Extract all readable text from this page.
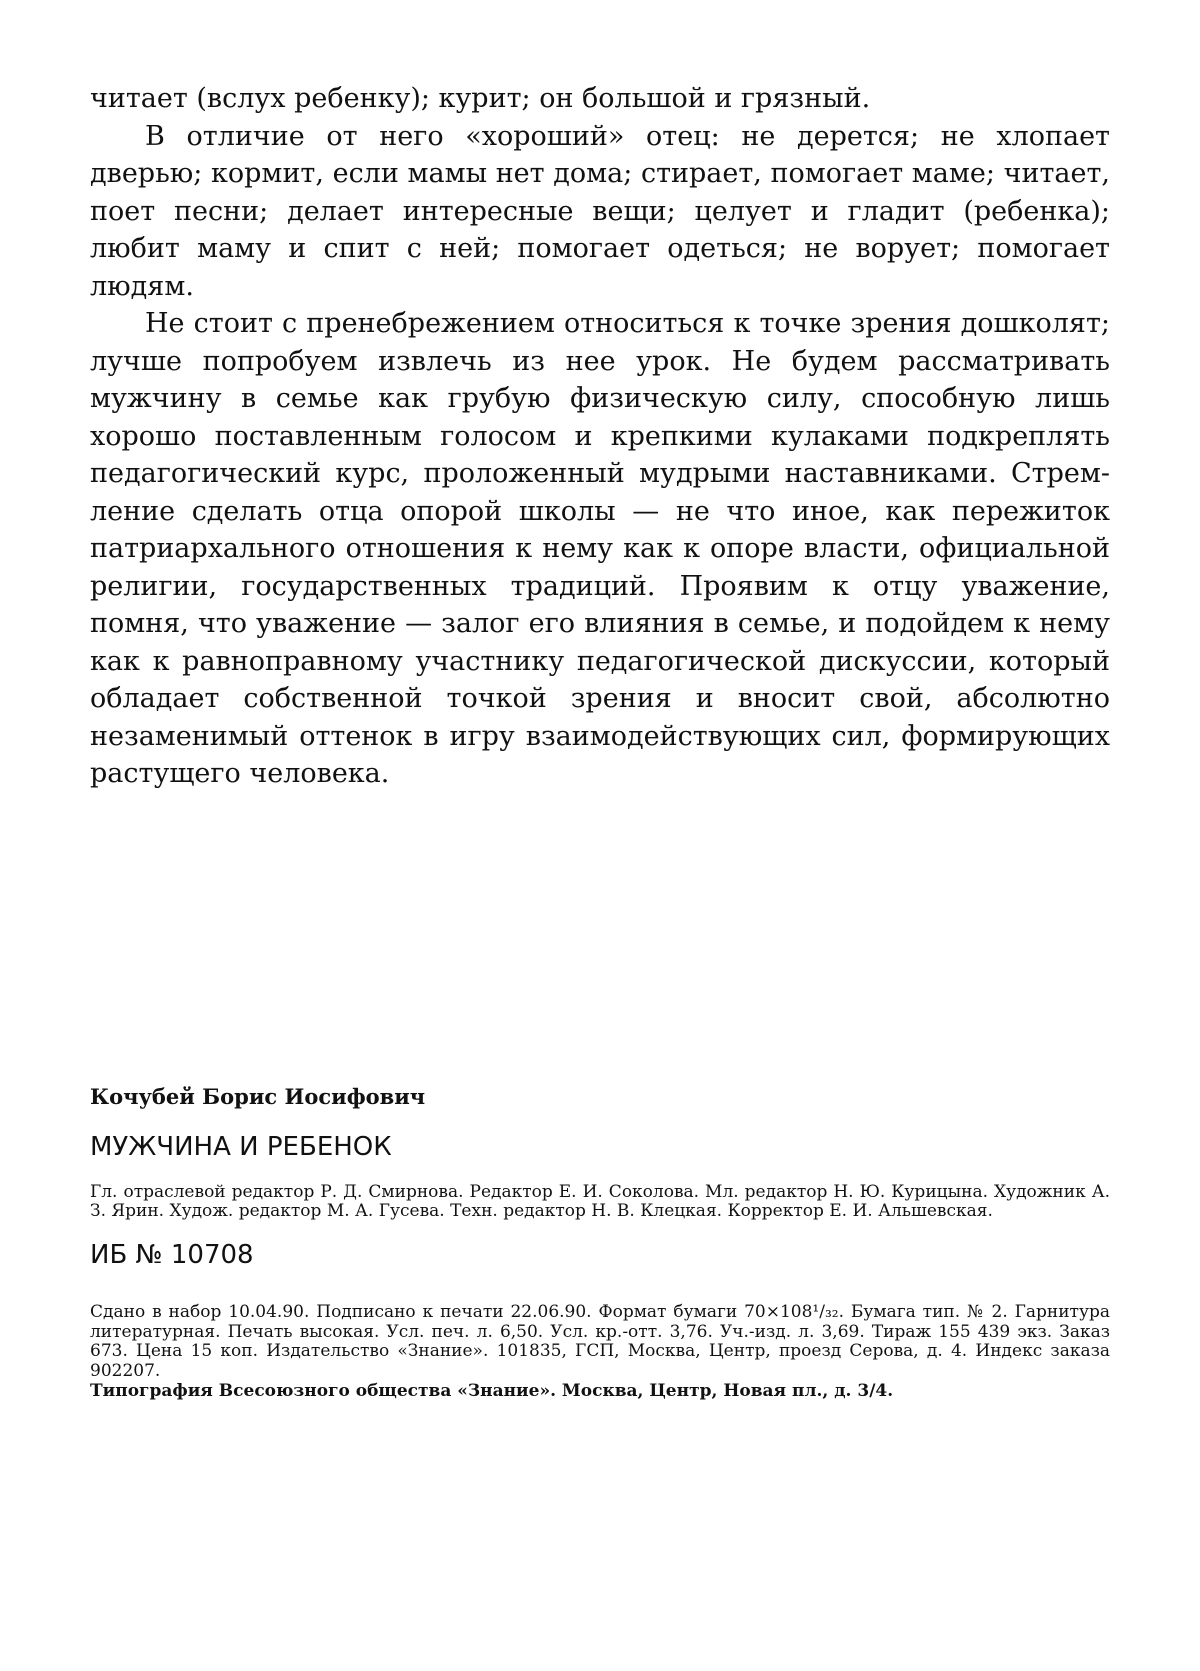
читает (вслух ребенку); курит; он большой и грязный.

В отличие от него «хороший» отец: не дерется; не хлопает дверью; кормит, если мамы нет дома; стирает, помогает маме; читает, поет песни; делает интересные вещи; целует и гладит (ребенка); любит маму и спит с ней; помогает одеться; не ворует; помогает людям.

Не стоит с пренебрежением относиться к точке зрения дошколят; лучше попробуем извлечь из нее урок. Не будем рассматривать мужчину в семье как грубую физическую силу, способную лишь хорошо поставленным голосом и крепкими кулаками подкреплять педагогический курс, проложенный мудрыми наставниками. Стремление сделать отца опорой школы — не что иное, как пережиток патриархального отношения к нему как к опоре власти, официальной религии, государственных традиций. Проявим к отцу уважение, помня, что уважение — залог его влияния в семье, и подойдем к нему как к равноправному участнику педагогической дискуссии, который обладает собственной точкой зрения и вносит свой, абсолютно незаменимый оттенок в игру взаимодействующих сил, формирующих растущего человека.

Кочубей Борис Иосифович
МУЖЧИНА И РЕБЕНОК
Гл. отраслевой редактор Р. Д. Смирнова. Редактор Е. И. Соколова. Мл. редактор Н. Ю. Курицына. Художник А. З. Ярин. Худож. редактор М. А. Гусева. Техн. редактор Н. В. Клецкая. Корректор Е. И. Альшевская.
ИБ № 10708
Сдано в набор 10.04.90. Подписано к печати 22.06.90. Формат бумаги 70×108¹/₃₂. Бумага тип. № 2. Гарнитура литературная. Печать высокая. Усл. печ. л. 6,50. Усл. кр.-отт. 3,76. Уч.-изд. л. 3,69. Тираж 155 439 экз. Заказ 673. Цена 15 коп. Издательство «Знание». 101835, ГСП, Москва, Центр, проезд Серова, д. 4. Индекс заказа 902207.
Типография Всесоюзного общества «Знание». Москва, Центр, Новая пл., д. 3/4.
